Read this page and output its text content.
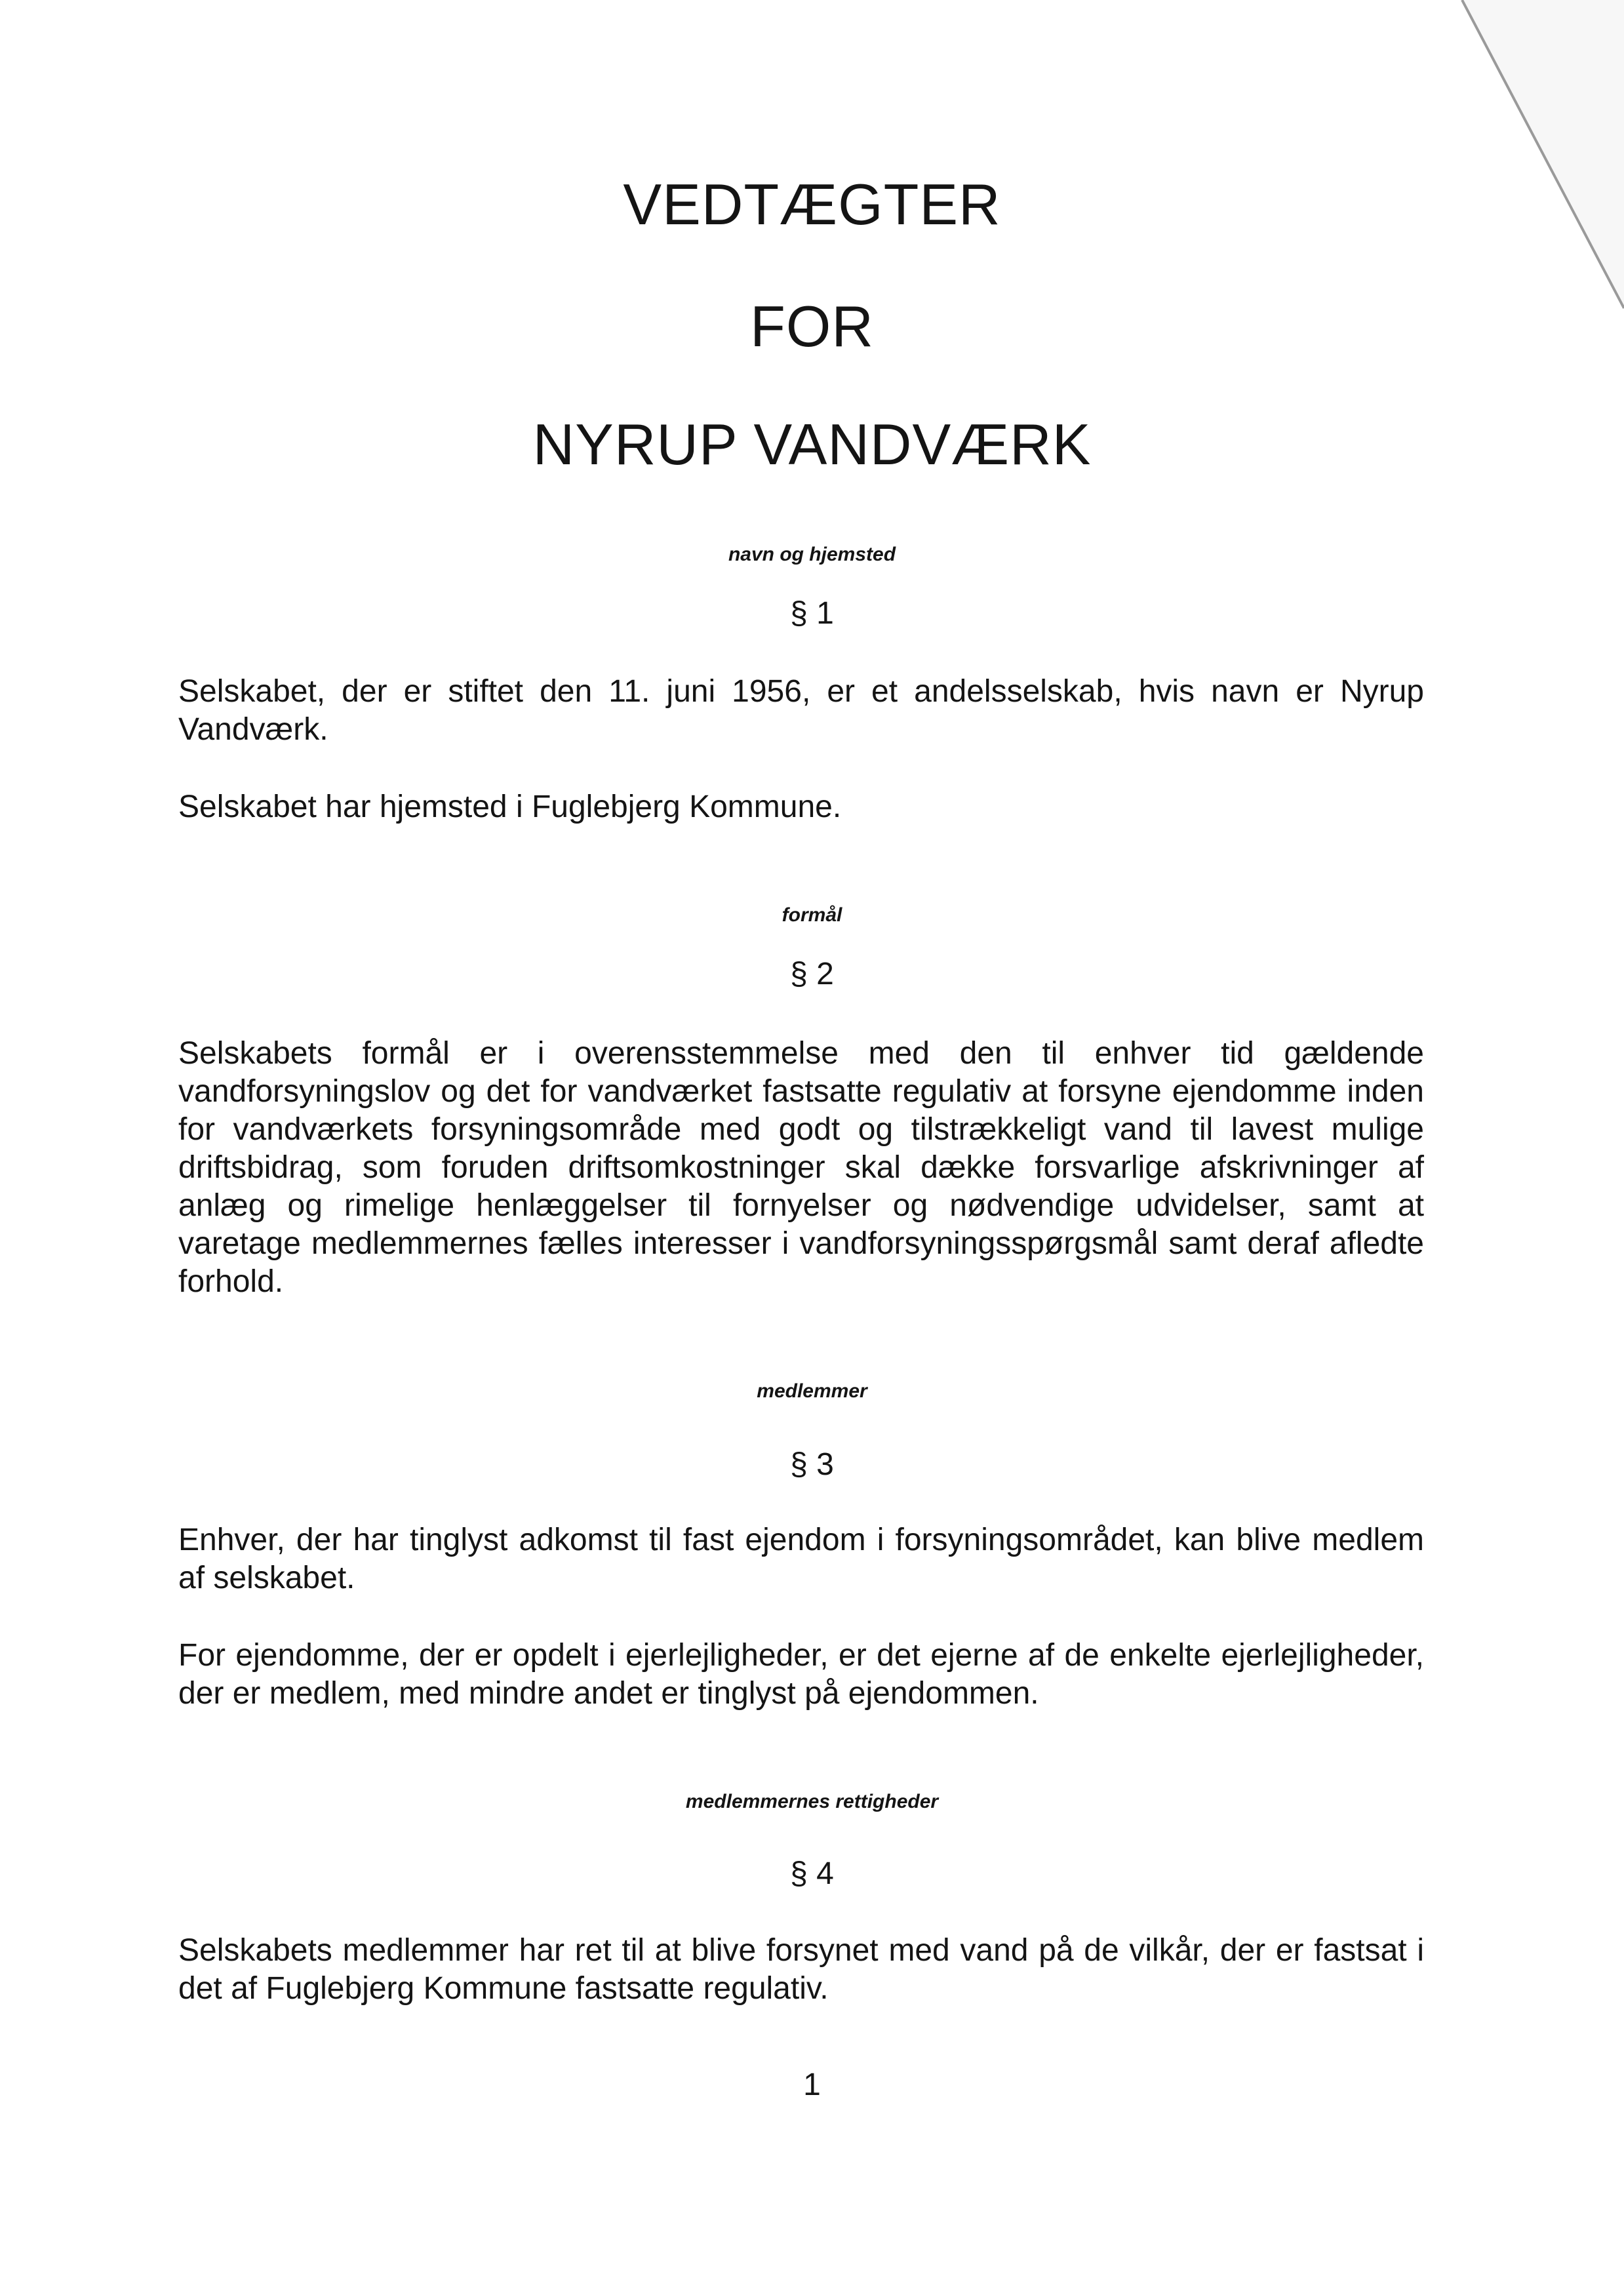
VEDTÆGTER
FOR
NYRUP VANDVÆRK
navn og hjemsted
§ 1
Selskabet, der er stiftet den 11. juni 1956, er et andelsselskab, hvis navn er Nyrup Vandværk.
Selskabet har hjemsted i Fuglebjerg Kommune.
formål
§ 2
Selskabets formål er i overensstemmelse med den til enhver tid gældende vandforsyningslov og det for vandværket fastsatte regulativ at forsyne ejendomme inden for vandværkets forsyningsområde med godt og tilstrækkeligt vand til lavest mulige driftsbidrag, som foruden driftsomkostninger skal dække forsvarlige afskrivninger af anlæg og rimelige henlæggelser til fornyelser og nødvendige udvidelser, samt at varetage medlemmernes fælles interesser i vandforsyningsspørgsmål samt deraf afledte forhold.
medlemmer
§ 3
Enhver, der har tinglyst adkomst til fast ejendom i forsyningsområdet, kan blive medlem af selskabet.
For ejendomme, der er opdelt i ejerlejligheder, er det ejerne af de enkelte ejerlejligheder, der er medlem, med mindre andet er tinglyst på ejendommen.
medlemmernes rettigheder
§ 4
Selskabets medlemmer har ret til at blive forsynet med vand på de vilkår, der er fastsat i det af Fuglebjerg Kommune fastsatte regulativ.
1
